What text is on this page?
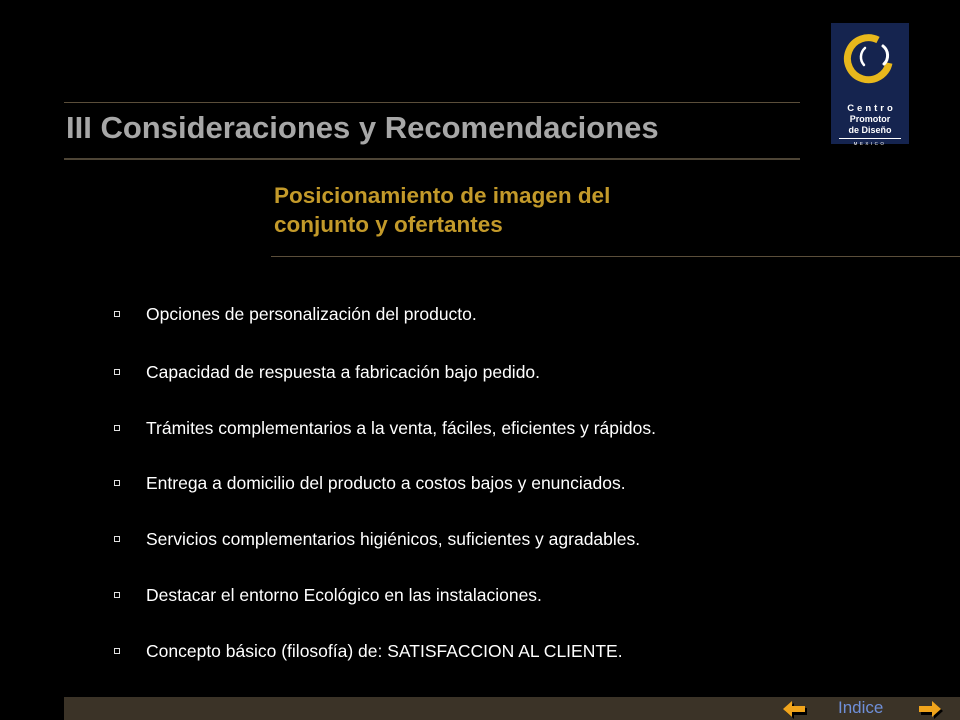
III Consideraciones y Recomendaciones
Centro
Promotor
de Diseño
MEXICO
Posicionamiento de imagen del
conjunto y ofertantes
Opciones de personalización del producto.
Capacidad de respuesta a fabricación bajo pedido.
Trámites complementarios a la venta, fáciles, eficientes y rápidos.
Entrega a domicilio del producto a costos bajos y enunciados.
Servicios complementarios higiénicos, suficientes y agradables.
Destacar el entorno Ecológico en las instalaciones.
Concepto básico (filosofía) de: SATISFACCION AL CLIENTE.
Indice
